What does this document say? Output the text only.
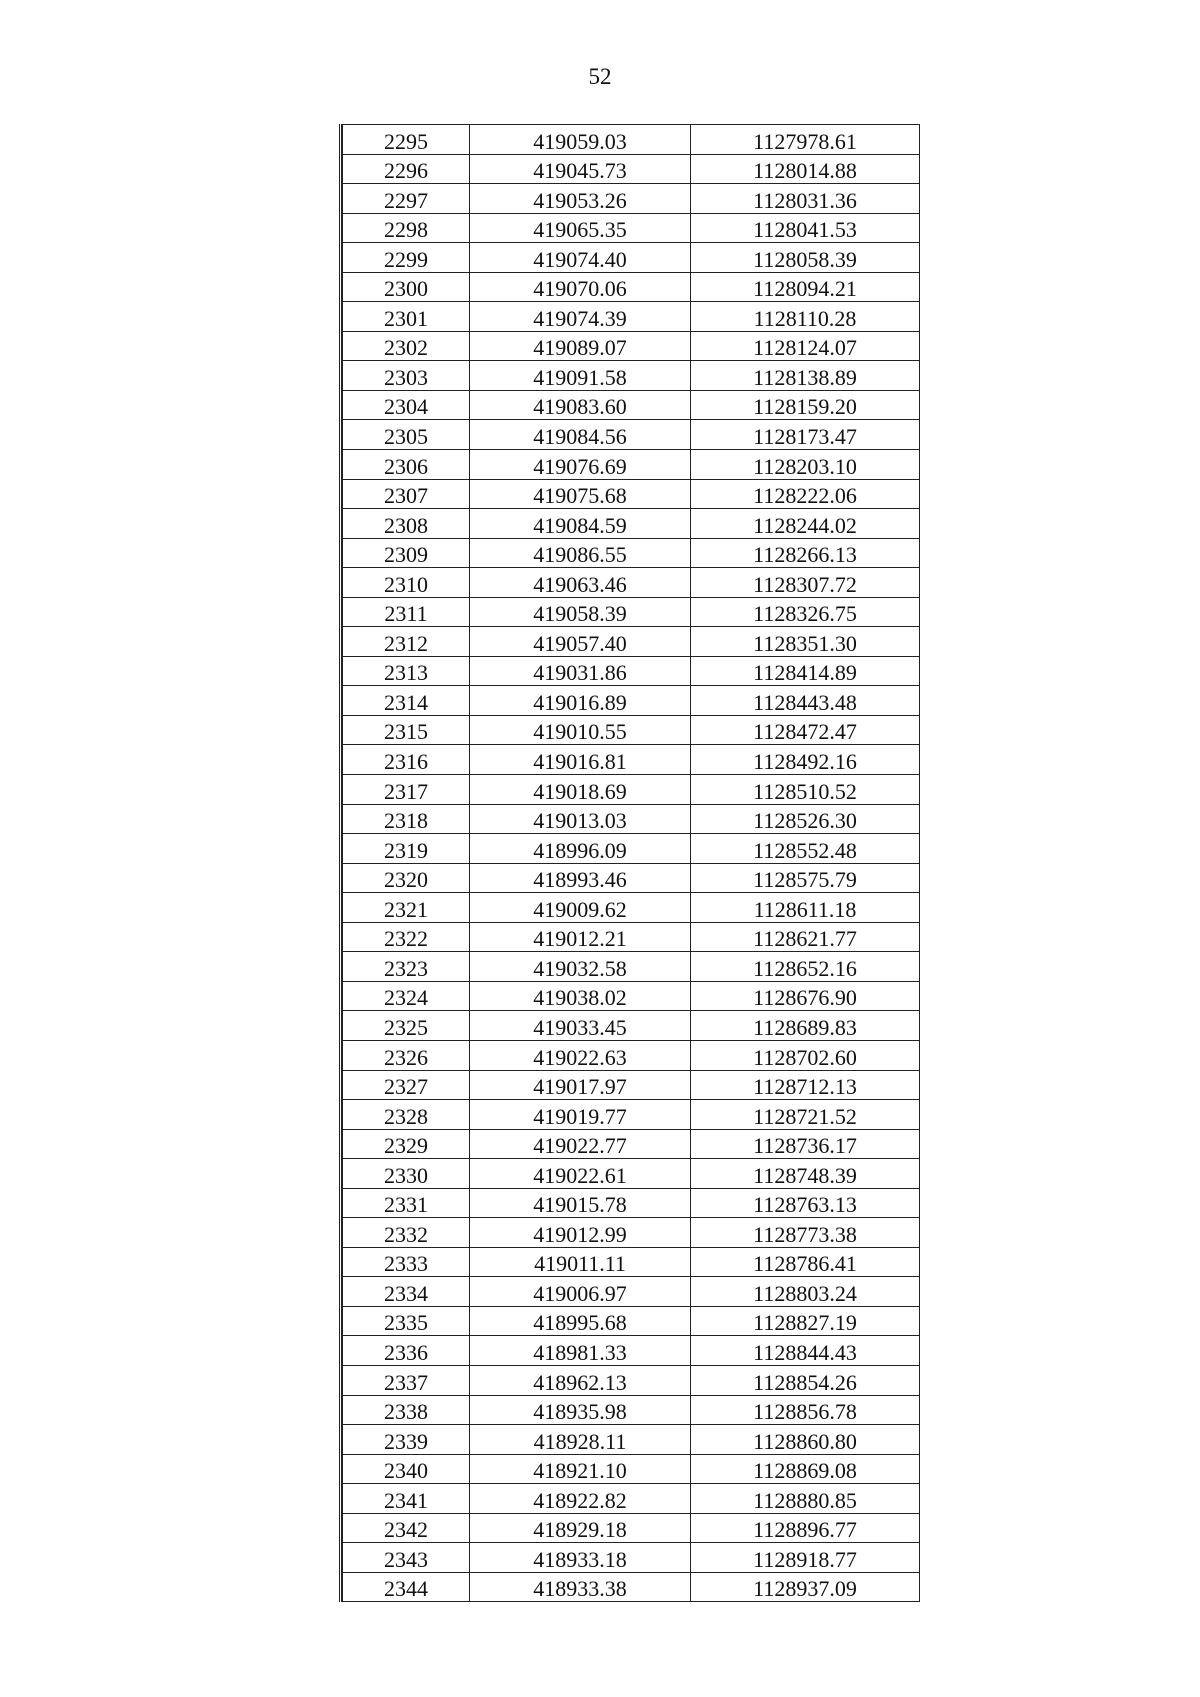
52
2295	419059.03	1127978.61
2296	419045.73	1128014.88
2297	419053.26	1128031.36
2298	419065.35	1128041.53
2299	419074.40	1128058.39
2300	419070.06	1128094.21
2301	419074.39	1128110.28
2302	419089.07	1128124.07
2303	419091.58	1128138.89
2304	419083.60	1128159.20
2305	419084.56	1128173.47
2306	419076.69	1128203.10
2307	419075.68	1128222.06
2308	419084.59	1128244.02
2309	419086.55	1128266.13
2310	419063.46	1128307.72
2311	419058.39	1128326.75
2312	419057.40	1128351.30
2313	419031.86	1128414.89
2314	419016.89	1128443.48
2315	419010.55	1128472.47
2316	419016.81	1128492.16
2317	419018.69	1128510.52
2318	419013.03	1128526.30
2319	418996.09	1128552.48
2320	418993.46	1128575.79
2321	419009.62	1128611.18
2322	419012.21	1128621.77
2323	419032.58	1128652.16
2324	419038.02	1128676.90
2325	419033.45	1128689.83
2326	419022.63	1128702.60
2327	419017.97	1128712.13
2328	419019.77	1128721.52
2329	419022.77	1128736.17
2330	419022.61	1128748.39
2331	419015.78	1128763.13
2332	419012.99	1128773.38
2333	419011.11	1128786.41
2334	419006.97	1128803.24
2335	418995.68	1128827.19
2336	418981.33	1128844.43
2337	418962.13	1128854.26
2338	418935.98	1128856.78
2339	418928.11	1128860.80
2340	418921.10	1128869.08
2341	418922.82	1128880.85
2342	418929.18	1128896.77
2343	418933.18	1128918.77
2344	418933.38	1128937.09
